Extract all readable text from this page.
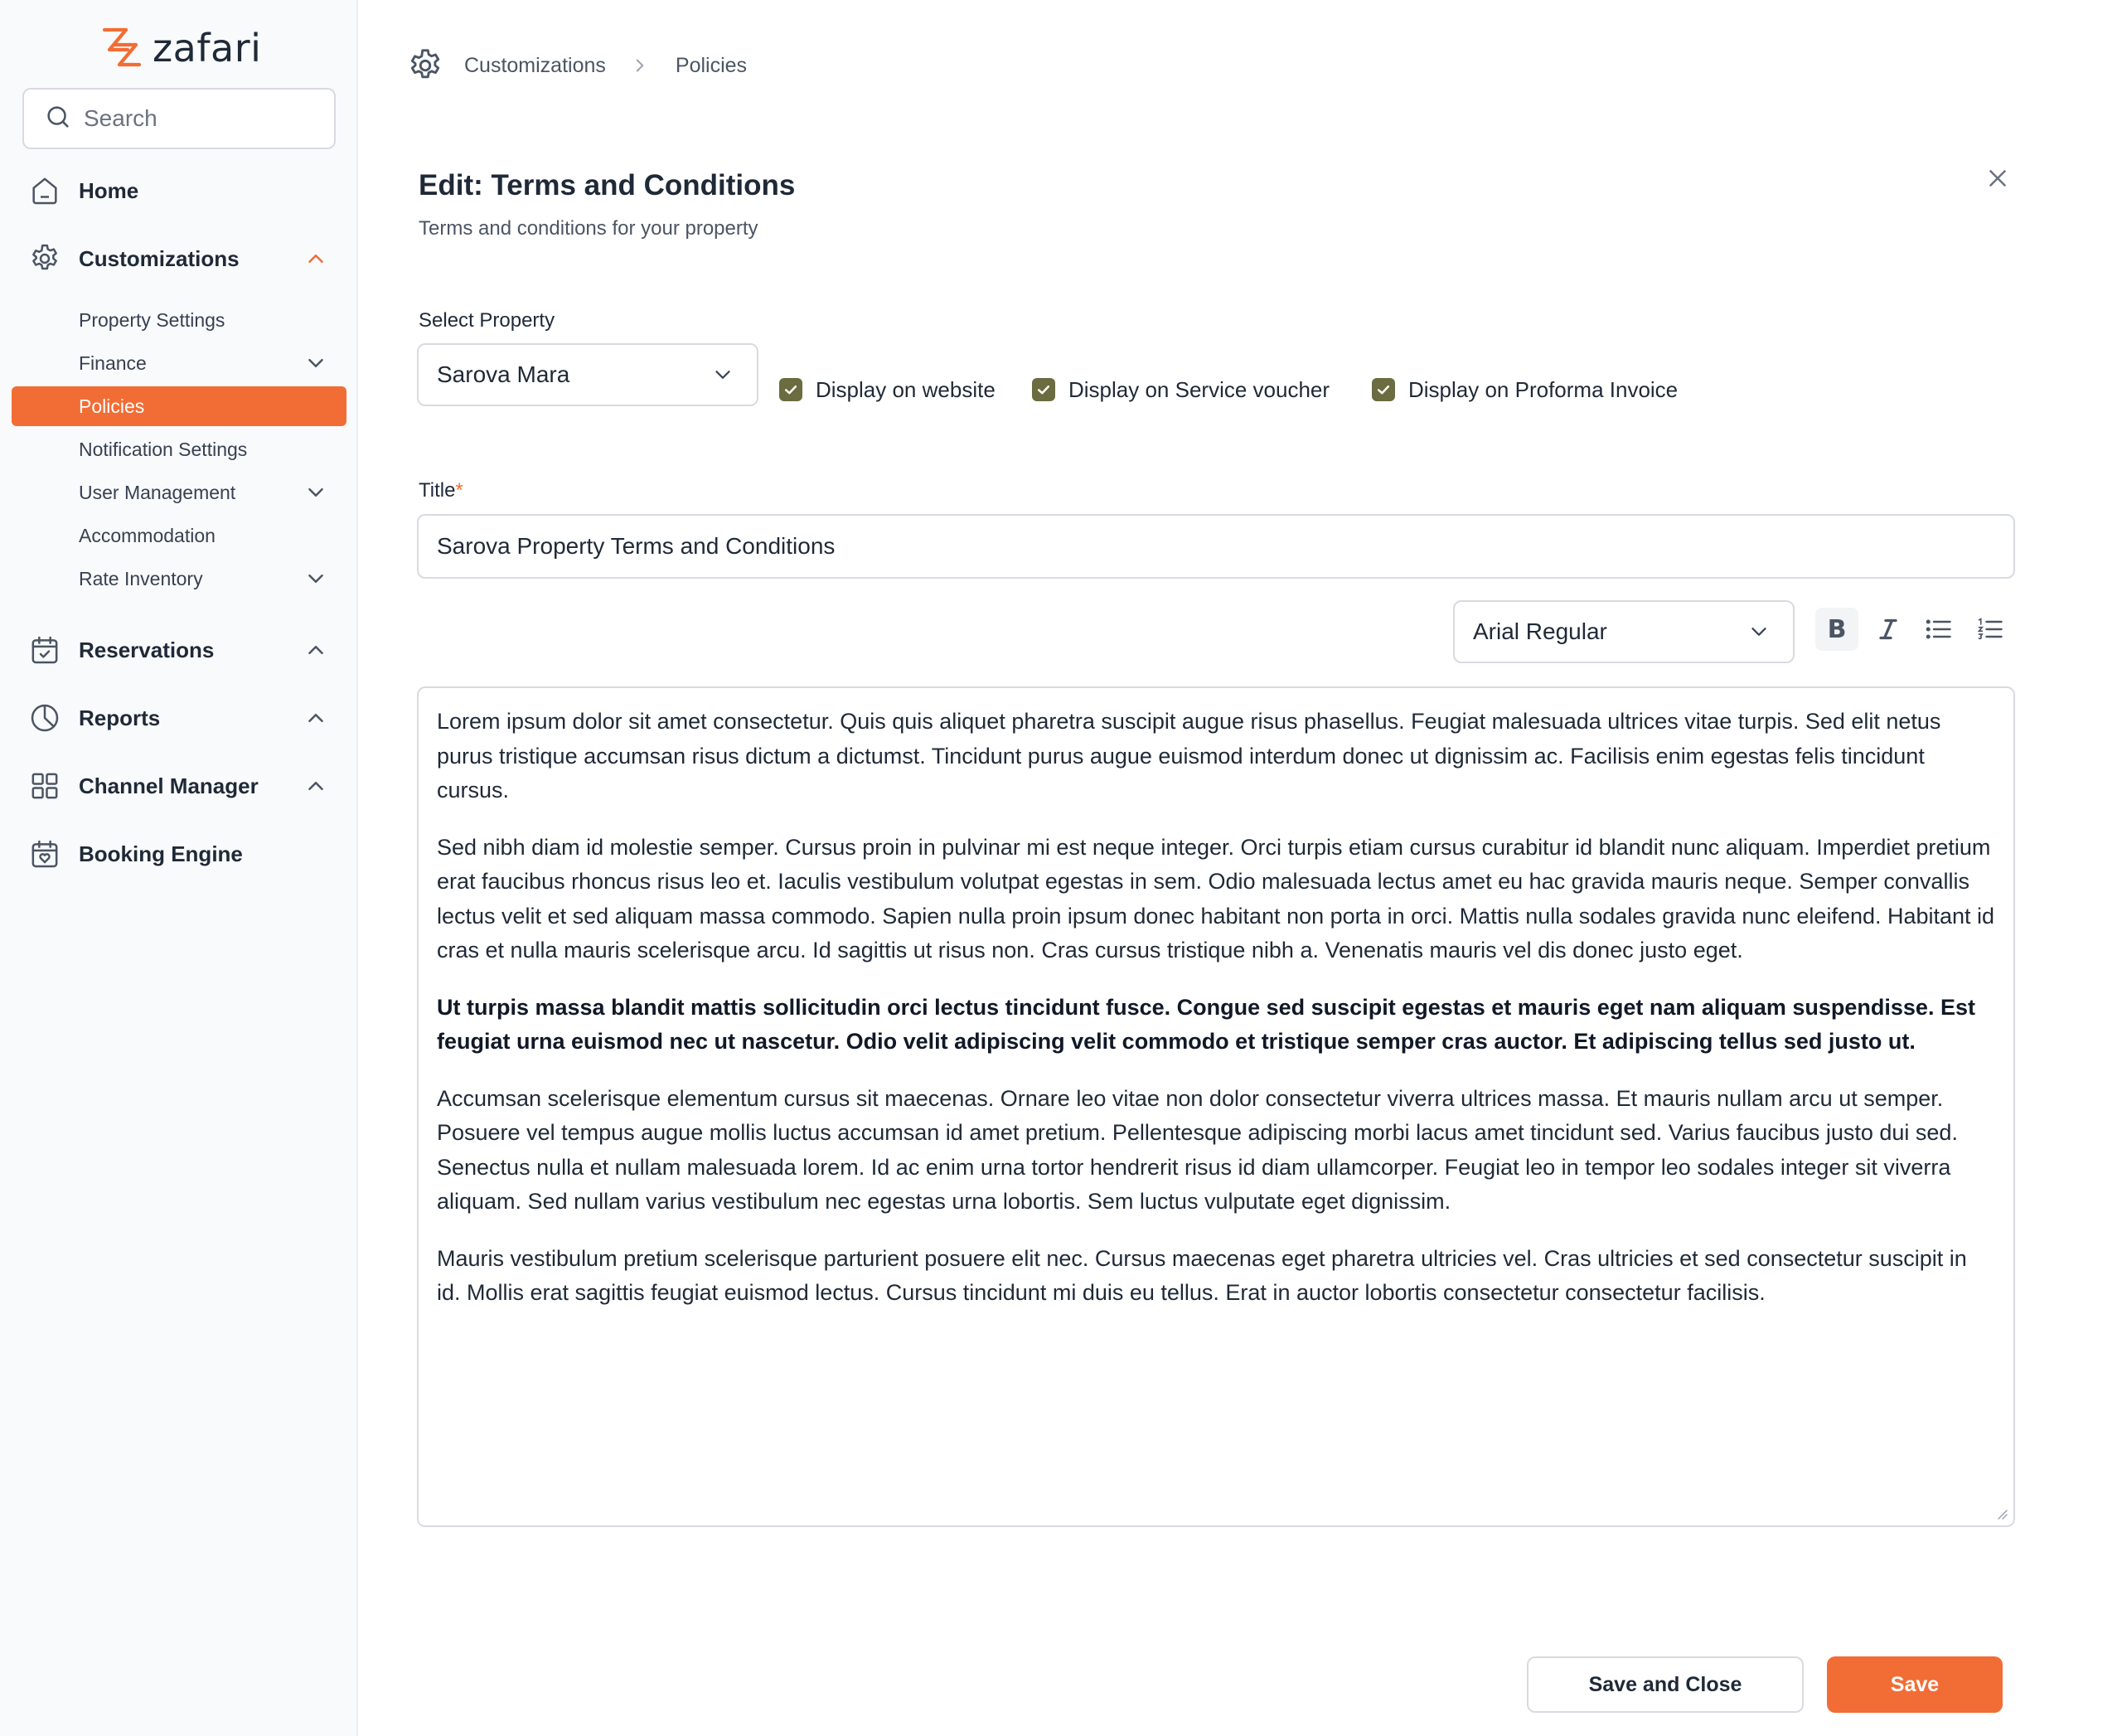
zafari
Search
Home
Customizations
Property Settings
Finance
Policies
Notification Settings
User Management
Accommodation
Rate Inventory
Reservations
Reports
Channel Manager
Booking Engine
Customizations	Policies
Edit: Terms and Conditions
Terms and conditions for your property
Select Property
Sarova Mara
Display on website	Display on Service voucher	Display on Proforma Invoice
Title*
Sarova Property Terms and Conditions
Arial Regular	B

Lorem ipsum dolor sit amet consectetur. Quis quis aliquet pharetra suscipit augue risus phasellus. Feugiat malesuada ultrices vitae turpis. Sed elit netus purus tristique accumsan risus dictum a dictumst. Tincidunt purus augue euismod interdum donec ut dignissim ac. Facilisis enim egestas felis tincidunt cursus.

Sed nibh diam id molestie semper. Cursus proin in pulvinar mi est neque integer. Orci turpis etiam cursus curabitur id blandit nunc aliquam. Imperdiet pretium erat faucibus rhoncus risus leo et. Iaculis vestibulum volutpat egestas in sem. Odio malesuada lectus amet eu hac gravida mauris neque. Semper convallis lectus velit et sed aliquam massa commodo. Sapien nulla proin ipsum donec habitant non porta in orci. Mattis nulla sodales gravida nunc eleifend. Habitant id cras et nulla mauris scelerisque arcu. Id sagittis ut risus non. Cras cursus tristique nibh a. Venenatis mauris vel dis donec justo eget.

Ut turpis massa blandit mattis sollicitudin orci lectus tincidunt fusce. Congue sed suscipit egestas et mauris eget nam aliquam suspendisse. Est feugiat urna euismod nec ut nascetur. Odio velit adipiscing velit commodo et tristique semper cras auctor. Et adipiscing tellus sed justo ut.

Accumsan scelerisque elementum cursus sit maecenas. Ornare leo vitae non dolor consectetur viverra ultrices massa. Et mauris nullam arcu ut semper. Posuere vel tempus augue mollis luctus accumsan id amet pretium. Pellentesque adipiscing morbi lacus amet tincidunt sed. Varius faucibus justo dui sed. Senectus nulla et nullam malesuada lorem. Id ac enim urna tortor hendrerit risus id diam ullamcorper. Feugiat leo in tempor leo sodales integer sit viverra aliquam. Sed nullam varius vestibulum nec egestas urna lobortis. Sem luctus vulputate eget dignissim.

Mauris vestibulum pretium scelerisque parturient posuere elit nec. Cursus maecenas eget pharetra ultricies vel. Cras ultricies et sed consectetur suscipit in id. Mollis erat sagittis feugiat euismod lectus. Cursus tincidunt mi duis eu tellus. Erat in auctor lobortis consectetur consectetur facilisis.

Save and Close	Save
